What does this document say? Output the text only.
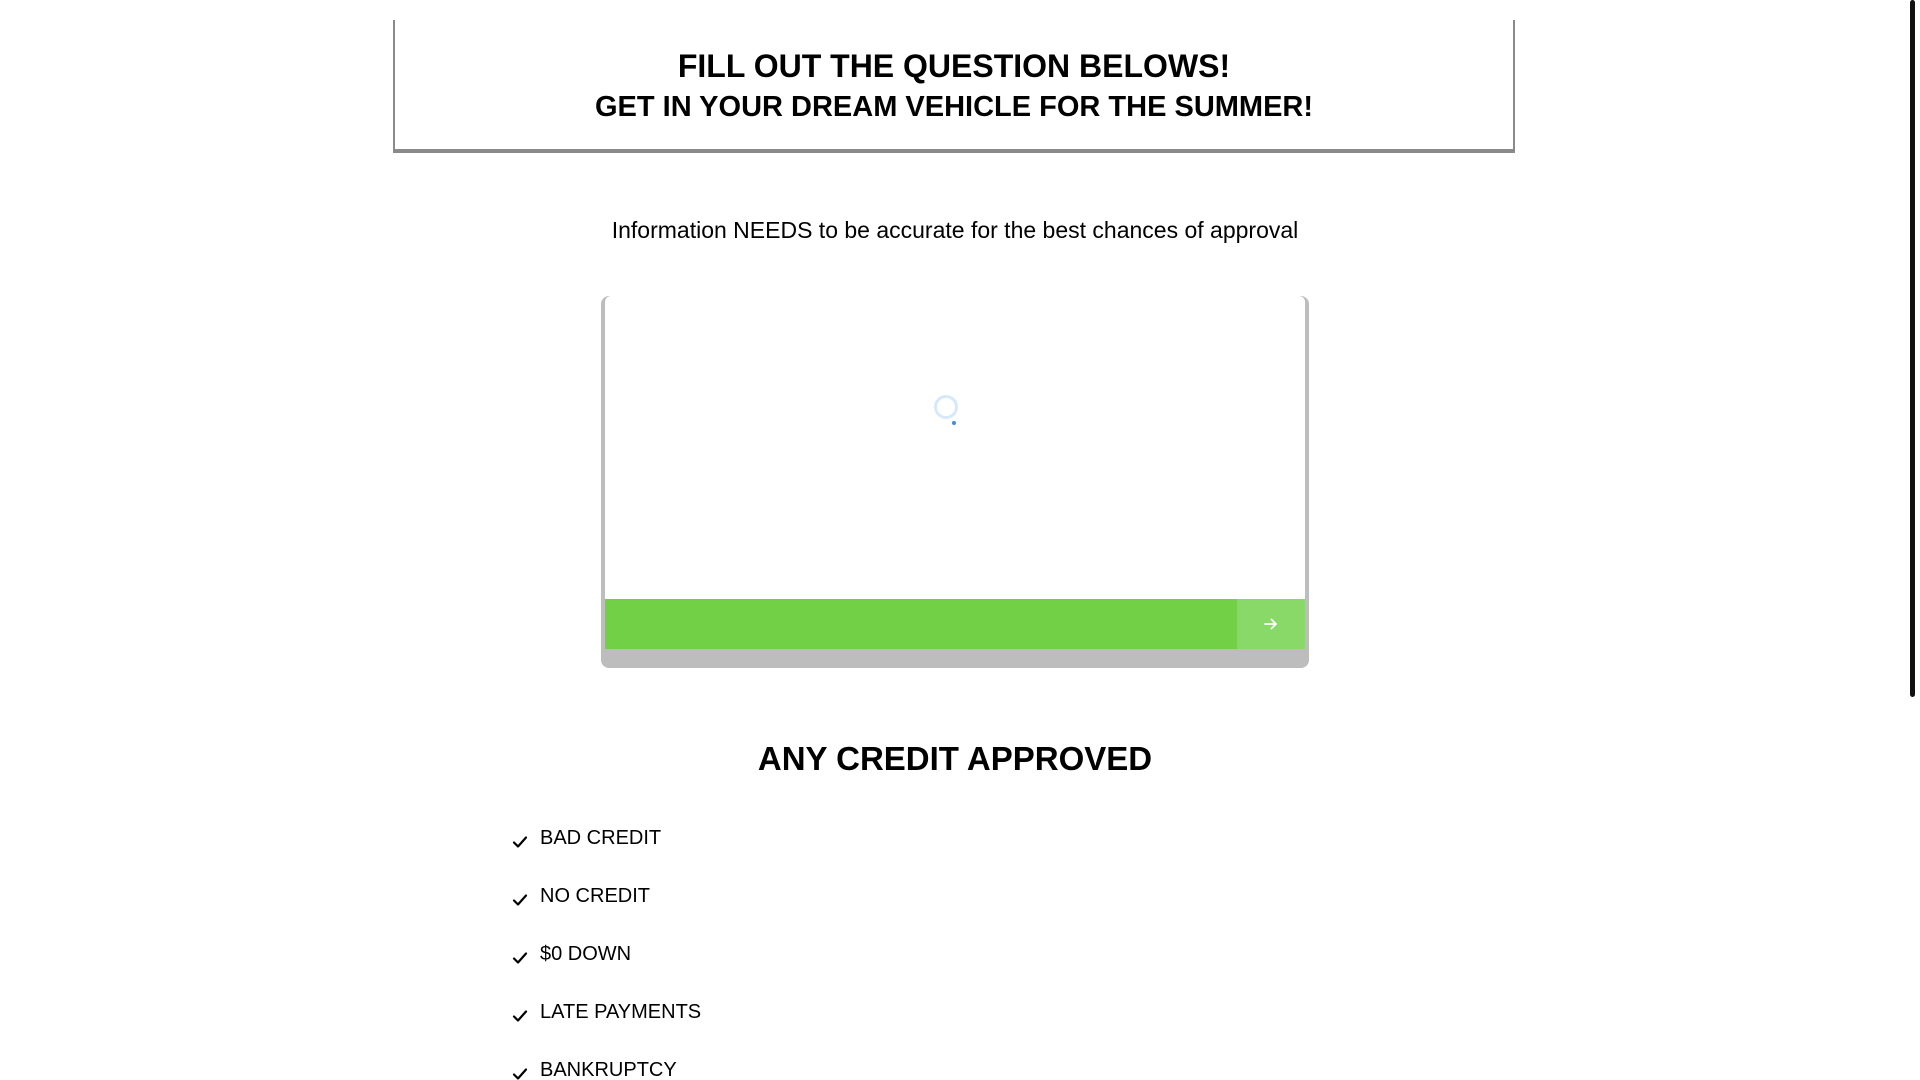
FILL OUT THE QUESTION BELOWS!
GET IN YOUR DREAM VEHICLE FOR THE SUMMER!
Information NEEDS to be accurate for the best chances of approval
ANY CREDIT APPROVED
BAD CREDIT
NO CREDIT
$0 DOWN
LATE PAYMENTS
BANKRUPTCY
